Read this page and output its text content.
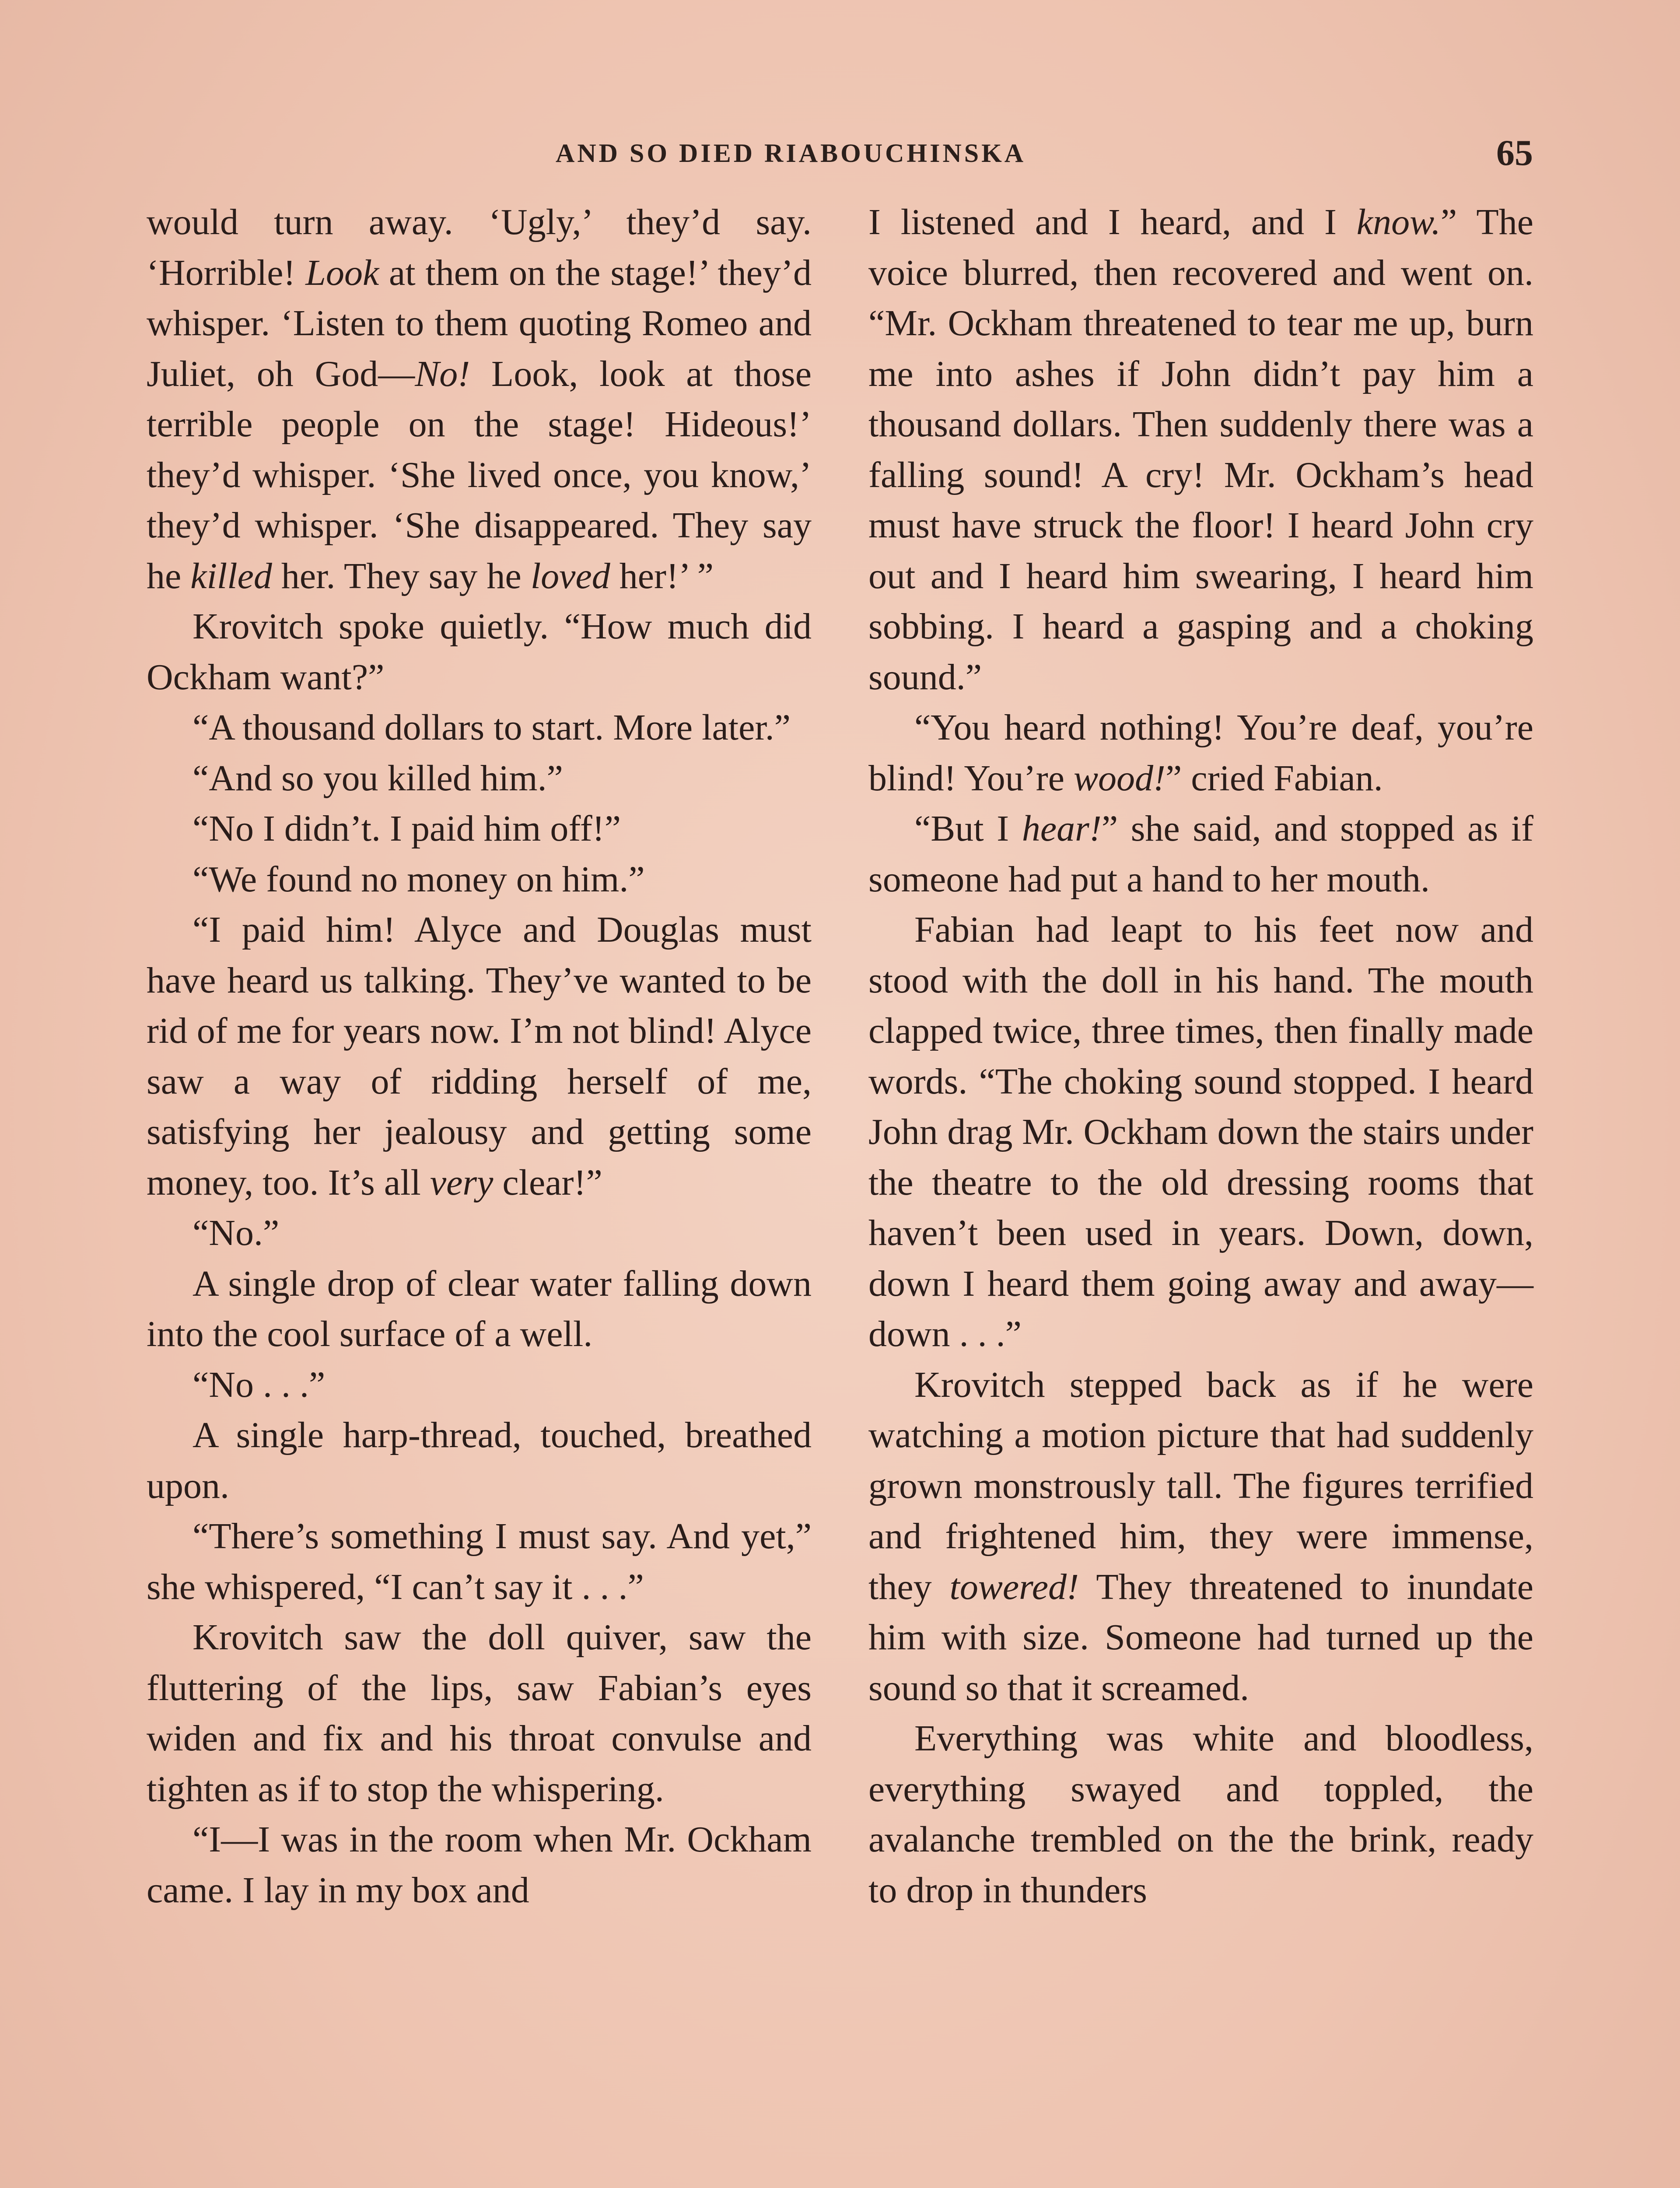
AND SO DIED RIABOUCHINSKA	65

would turn away. ‘Ugly,’ they’d say. ‘Horrible! Look at them on the stage!’ they’d whisper. ‘Listen to them quoting Romeo and Juliet, oh God—No! Look, look at those terrible people on the stage! Hideous!’ they’d whisper. ‘She lived once, you know,’ they’d whisper. ‘She disappeared. They say he killed her. They say he loved her!’ ”

Krovitch spoke quietly. “How much did Ockham want?”

“A thousand dollars to start. More later.”

“And so you killed him.”

“No I didn’t. I paid him off!”

“We found no money on him.”

“I paid him! Alyce and Douglas must have heard us talking. They’ve wanted to be rid of me for years now. I’m not blind! Alyce saw a way of ridding herself of me, satisfying her jealousy and getting some money, too. It’s all very clear!”

“No.”

A single drop of clear water falling down into the cool surface of a well.

“No . . .”

A single harp-thread, touched, breathed upon.

“There’s something I must say. And yet,” she whispered, “I can’t say it . . .”

Krovitch saw the doll quiver, saw the fluttering of the lips, saw Fabian’s eyes widen and fix and his throat convulse and tighten as if to stop the whispering.

“I—I was in the room when Mr. Ockham came. I lay in my box and

I listened and I heard, and I know.” The voice blurred, then recovered and went on. “Mr. Ockham threatened to tear me up, burn me into ashes if John didn’t pay him a thousand dollars. Then suddenly there was a falling sound! A cry! Mr. Ockham’s head must have struck the floor! I heard John cry out and I heard him swearing, I heard him sobbing. I heard a gasping and a choking sound.”

“You heard nothing! You’re deaf, you’re blind! You’re wood!” cried Fabian.

“But I hear!” she said, and stopped as if someone had put a hand to her mouth.

Fabian had leapt to his feet now and stood with the doll in his hand. The mouth clapped twice, three times, then finally made words. “The choking sound stopped. I heard John drag Mr. Ockham down the stairs under the theatre to the old dressing rooms that haven’t been used in years. Down, down, down I heard them going away and away—down . . .”

Krovitch stepped back as if he were watching a motion picture that had suddenly grown monstrously tall. The figures terrified and frightened him, they were immense, they towered! They threatened to inundate him with size. Someone had turned up the sound so that it screamed.

Everything was white and bloodless, everything swayed and toppled, the avalanche trembled on the the brink, ready to drop in thunders
